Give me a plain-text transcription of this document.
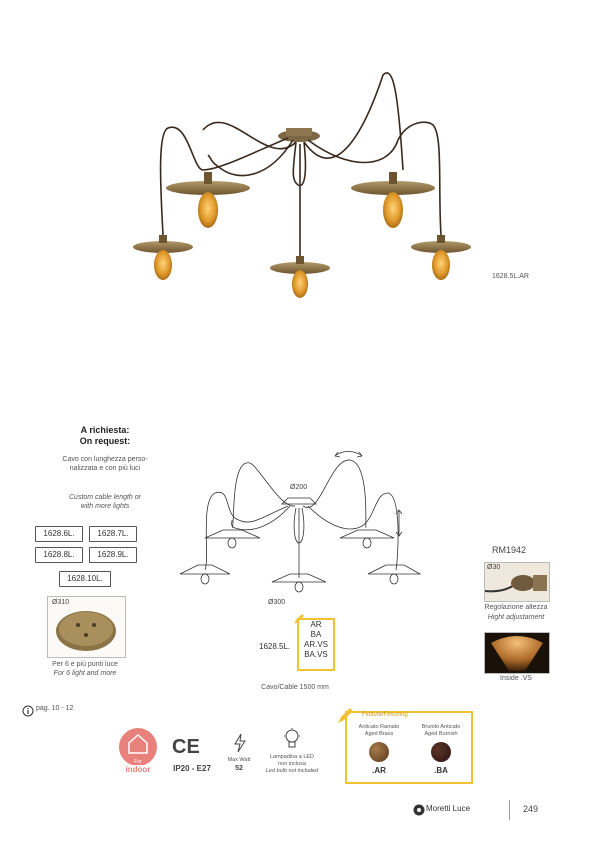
1628.5L.AR
A richiesta:
On request:
Cavo con lunghezza perso-
nalizzata e con più luci
Custom cable length or
with more lights
1628.6L.	1628.7L.
1628.8L.	1628.9L.
1628.10L.
Ø310
Per 6 e più punti luce
For 6 light and more
Ø200
Ø300
1628.5L.
AR
BA
AR.VS
BA.VS
Cavo/Cable 1500 mm
RM1942
Ø30
Regolazione altezza
Hight adjustament
Inside .VS
pag. 10 - 12
For
indoor
CE
IP20 - E27
Max Watt
52
Lampadina a LED
non inclusa
Led bulb not included
Finiture/Finishing
Anticato Ramato
Aged Brass
Brunito Anticato
Aged Burnish
.AR	.BA
Moretti Luce	249
